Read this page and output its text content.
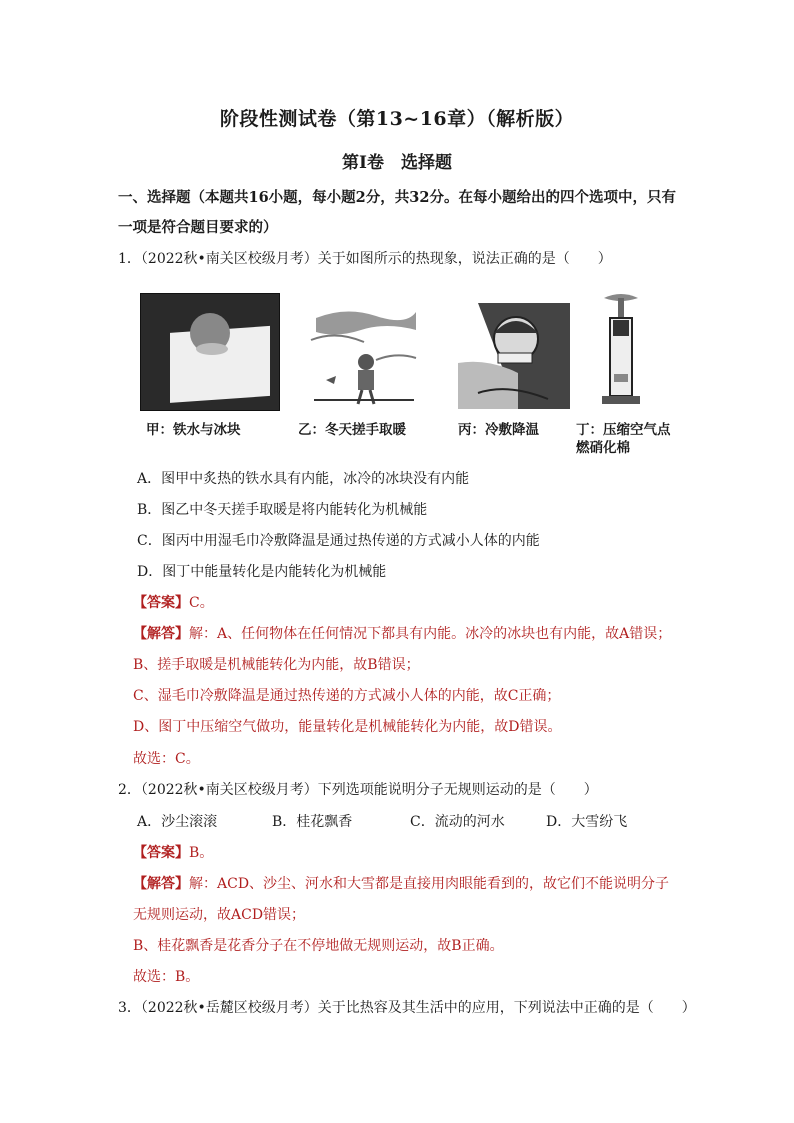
阶段性测试卷（第13~16章）（解析版）
第Ⅰ卷　选择题
一、选择题（本题共16小题，每小题2分，共32分。在每小题给出的四个选项中，只有
一项是符合题目要求的）
1．（2022秋•南关区校级月考）关于如图所示的热现象，说法正确的是（　　）
甲：铁水与冰块	乙：冬天搓手取暖	丙：冷敷降温	丁：压缩空气点
燃硝化棉
A．图甲中炙热的铁水具有内能，冰冷的冰块没有内能
B．图乙中冬天搓手取暖是将内能转化为机械能
C．图丙中用湿毛巾冷敷降温是通过热传递的方式减小人体的内能
D．图丁中能量转化是内能转化为机械能
【答案】C。
【解答】解：A、任何物体在任何情况下都具有内能。冰冷的冰块也有内能，故A错误；
B、搓手取暖是机械能转化为内能，故B错误；
C、湿毛巾冷敷降温是通过热传递的方式减小人体的内能，故C正确；
D、图丁中压缩空气做功，能量转化是机械能转化为内能，故D错误。
故选：C。
2．（2022秋•南关区校级月考）下列选项能说明分子无规则运动的是（　　）
A．沙尘滚滚	B．桂花飘香	C．流动的河水	D．大雪纷飞
【答案】B。
【解答】解：ACD、沙尘、河水和大雪都是直接用肉眼能看到的，故它们不能说明分子
无规则运动，故ACD错误；
B、桂花飘香是花香分子在不停地做无规则运动，故B正确。
故选：B。
3．（2022秋•岳麓区校级月考）关于比热容及其生活中的应用，下列说法中正确的是（　　）
